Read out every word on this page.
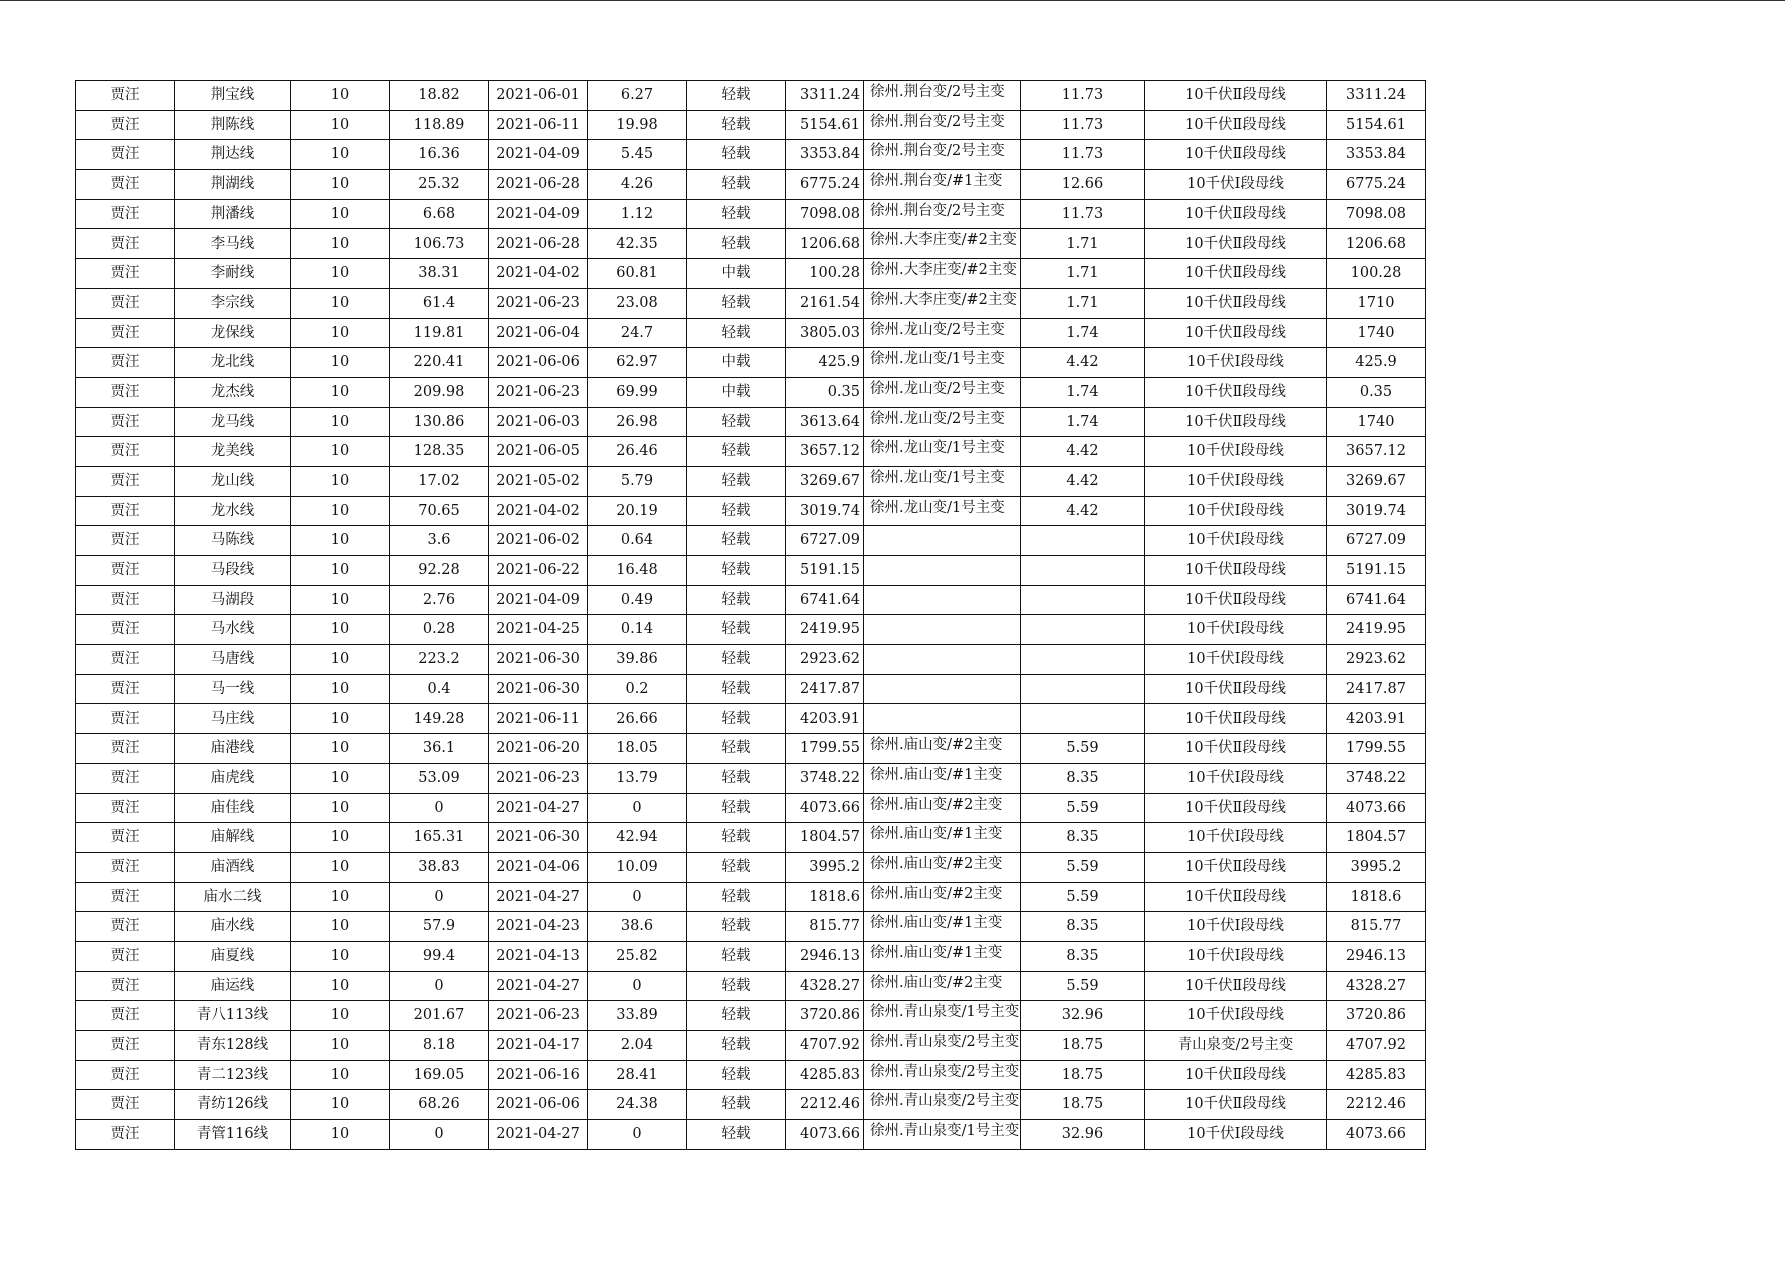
贾汪	荆宝线	10	18.82	2021-06-01	6.27	轻载	3311.24	徐州.荆台变/2号主变	11.73	10千伏Ⅱ段母线	3311.24
贾汪	荆陈线	10	118.89	2021-06-11	19.98	轻载	5154.61	徐州.荆台变/2号主变	11.73	10千伏Ⅱ段母线	5154.61
贾汪	荆达线	10	16.36	2021-04-09	5.45	轻载	3353.84	徐州.荆台变/2号主变	11.73	10千伏Ⅱ段母线	3353.84
贾汪	荆湖线	10	25.32	2021-06-28	4.26	轻载	6775.24	徐州.荆台变/#1主变	12.66	10千伏Ⅰ段母线	6775.24
贾汪	荆潘线	10	6.68	2021-04-09	1.12	轻载	7098.08	徐州.荆台变/2号主变	11.73	10千伏Ⅱ段母线	7098.08
贾汪	李马线	10	106.73	2021-06-28	42.35	轻载	1206.68	徐州.大李庄变/#2主变	1.71	10千伏Ⅱ段母线	1206.68
贾汪	李耐线	10	38.31	2021-04-02	60.81	中载	100.28	徐州.大李庄变/#2主变	1.71	10千伏Ⅱ段母线	100.28
贾汪	李宗线	10	61.4	2021-06-23	23.08	轻载	2161.54	徐州.大李庄变/#2主变	1.71	10千伏Ⅱ段母线	1710
贾汪	龙保线	10	119.81	2021-06-04	24.7	轻载	3805.03	徐州.龙山变/2号主变	1.74	10千伏Ⅱ段母线	1740
贾汪	龙北线	10	220.41	2021-06-06	62.97	中载	425.9	徐州.龙山变/1号主变	4.42	10千伏Ⅰ段母线	425.9
贾汪	龙杰线	10	209.98	2021-06-23	69.99	中载	0.35	徐州.龙山变/2号主变	1.74	10千伏Ⅱ段母线	0.35
贾汪	龙马线	10	130.86	2021-06-03	26.98	轻载	3613.64	徐州.龙山变/2号主变	1.74	10千伏Ⅱ段母线	1740
贾汪	龙美线	10	128.35	2021-06-05	26.46	轻载	3657.12	徐州.龙山变/1号主变	4.42	10千伏Ⅰ段母线	3657.12
贾汪	龙山线	10	17.02	2021-05-02	5.79	轻载	3269.67	徐州.龙山变/1号主变	4.42	10千伏Ⅰ段母线	3269.67
贾汪	龙水线	10	70.65	2021-04-02	20.19	轻载	3019.74	徐州.龙山变/1号主变	4.42	10千伏Ⅰ段母线	3019.74
贾汪	马陈线	10	3.6	2021-06-02	0.64	轻载	6727.09			10千伏Ⅰ段母线	6727.09
贾汪	马段线	10	92.28	2021-06-22	16.48	轻载	5191.15			10千伏Ⅱ段母线	5191.15
贾汪	马湖段	10	2.76	2021-04-09	0.49	轻载	6741.64			10千伏Ⅱ段母线	6741.64
贾汪	马水线	10	0.28	2021-04-25	0.14	轻载	2419.95			10千伏Ⅰ段母线	2419.95
贾汪	马唐线	10	223.2	2021-06-30	39.86	轻载	2923.62			10千伏Ⅰ段母线	2923.62
贾汪	马一线	10	0.4	2021-06-30	0.2	轻载	2417.87			10千伏Ⅱ段母线	2417.87
贾汪	马庄线	10	149.28	2021-06-11	26.66	轻载	4203.91			10千伏Ⅱ段母线	4203.91
贾汪	庙港线	10	36.1	2021-06-20	18.05	轻载	1799.55	徐州.庙山变/#2主变	5.59	10千伏Ⅱ段母线	1799.55
贾汪	庙虎线	10	53.09	2021-06-23	13.79	轻载	3748.22	徐州.庙山变/#1主变	8.35	10千伏Ⅰ段母线	3748.22
贾汪	庙佳线	10	0	2021-04-27	0	轻载	4073.66	徐州.庙山变/#2主变	5.59	10千伏Ⅱ段母线	4073.66
贾汪	庙解线	10	165.31	2021-06-30	42.94	轻载	1804.57	徐州.庙山变/#1主变	8.35	10千伏Ⅰ段母线	1804.57
贾汪	庙酒线	10	38.83	2021-04-06	10.09	轻载	3995.2	徐州.庙山变/#2主变	5.59	10千伏Ⅱ段母线	3995.2
贾汪	庙水二线	10	0	2021-04-27	0	轻载	1818.6	徐州.庙山变/#2主变	5.59	10千伏Ⅱ段母线	1818.6
贾汪	庙水线	10	57.9	2021-04-23	38.6	轻载	815.77	徐州.庙山变/#1主变	8.35	10千伏Ⅰ段母线	815.77
贾汪	庙夏线	10	99.4	2021-04-13	25.82	轻载	2946.13	徐州.庙山变/#1主变	8.35	10千伏Ⅰ段母线	2946.13
贾汪	庙运线	10	0	2021-04-27	0	轻载	4328.27	徐州.庙山变/#2主变	5.59	10千伏Ⅱ段母线	4328.27
贾汪	青八113线	10	201.67	2021-06-23	33.89	轻载	3720.86	徐州.青山泉变/1号主变	32.96	10千伏Ⅰ段母线	3720.86
贾汪	青东128线	10	8.18	2021-04-17	2.04	轻载	4707.92	徐州.青山泉变/2号主变	18.75	青山泉变/2号主变	4707.92
贾汪	青二123线	10	169.05	2021-06-16	28.41	轻载	4285.83	徐州.青山泉变/2号主变	18.75	10千伏Ⅱ段母线	4285.83
贾汪	青纺126线	10	68.26	2021-06-06	24.38	轻载	2212.46	徐州.青山泉变/2号主变	18.75	10千伏Ⅱ段母线	2212.46
贾汪	青管116线	10	0	2021-04-27	0	轻载	4073.66	徐州.青山泉变/1号主变	32.96	10千伏Ⅰ段母线	4073.66
